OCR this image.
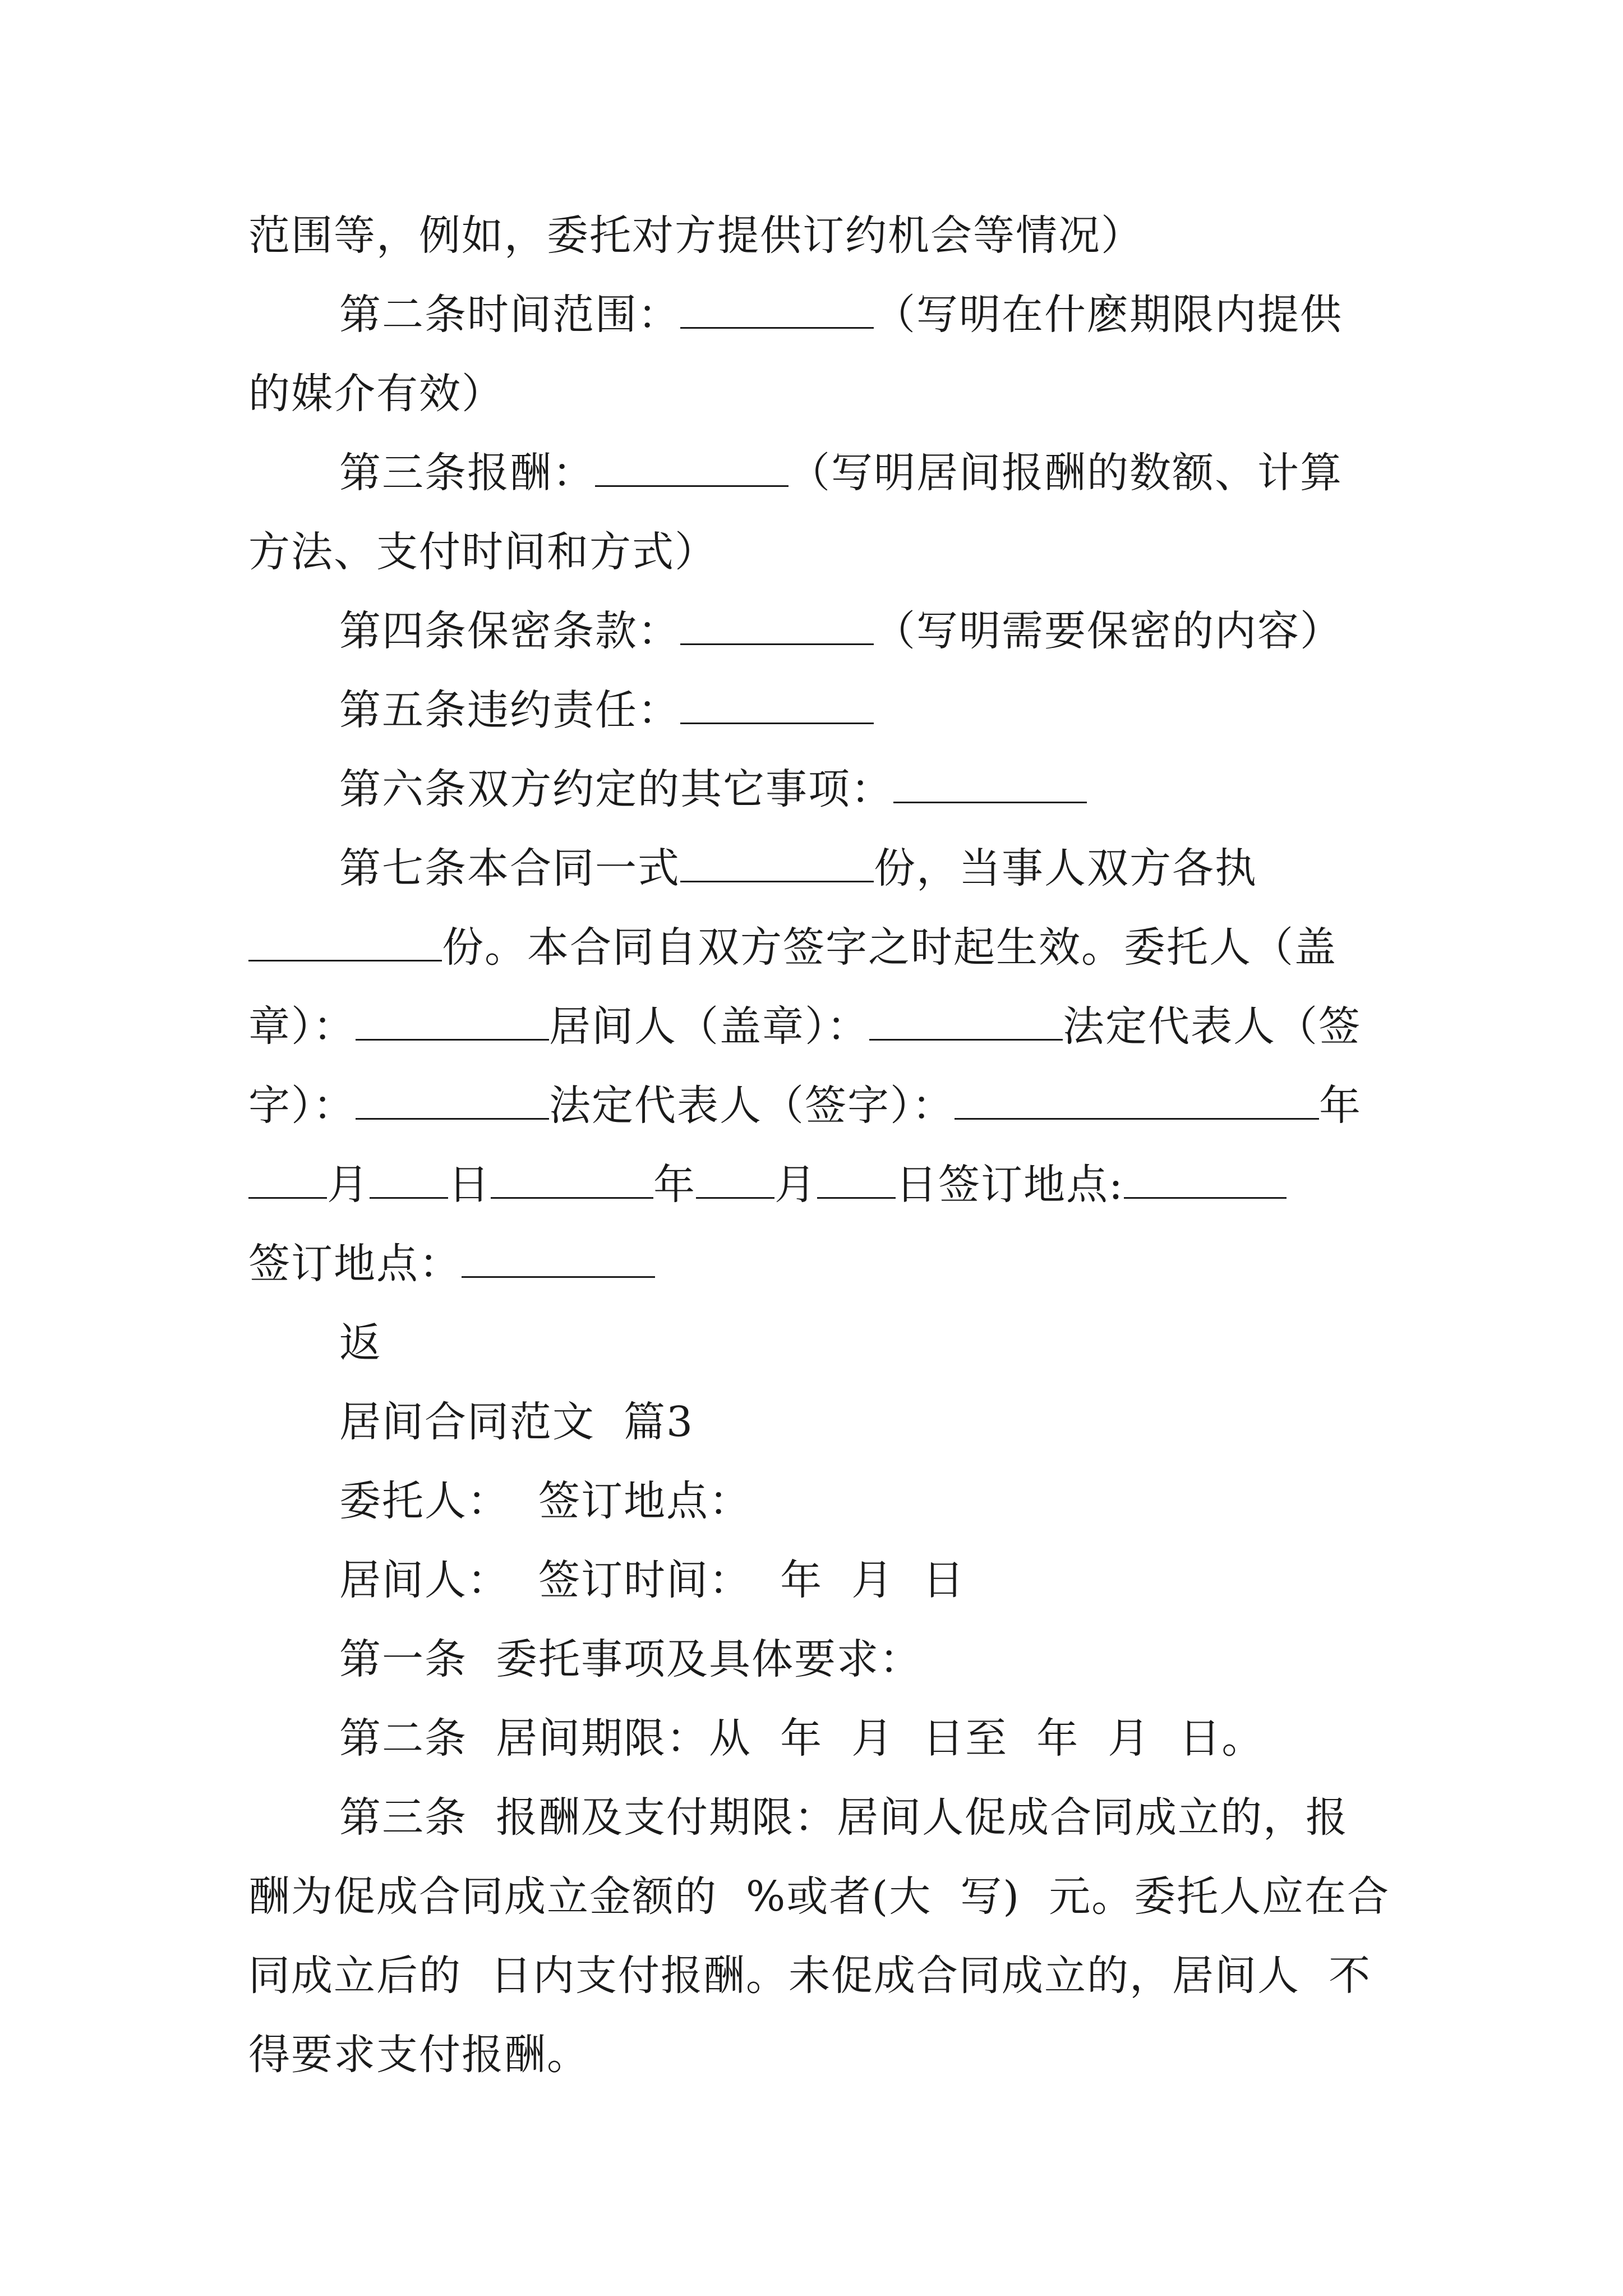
范围等，例如，委托对方提供订约机会等情况）
第二条时间范围：	（写明在什麽期限内提供
的媒介有效）
第三条报酬：	（写明居间报酬的数额、计算
方法、支付时间和方式）
第四条保密条款：	（写明需要保密的内容）
第五条违约责任：
第六条双方约定的其它事项：
第七条本合同一式	份，当事人双方各执
份。本合同自双方签字之时起生效。委托人（盖
章）：	居间人（盖章）：	法定代表人（签
字）：	法定代表人（签字）：	年
月 日	年 月 日签订地点:
签订地点：
返
居间合同范文  篇3
委托人：  签订地点：
居间人：  签订时间：  年  月  日
第一条  委托事项及具体要求：
第二条  居间期限：从  年  月  日至  年  月  日。
第三条  报酬及支付期限：居间人促成合同成立的，报
酬为促成合同成立金额的  %或者(大  写)  元。委托人应在合
同成立后的  日内支付报酬。未促成合同成立的，居间人  不
得要求支付报酬。
